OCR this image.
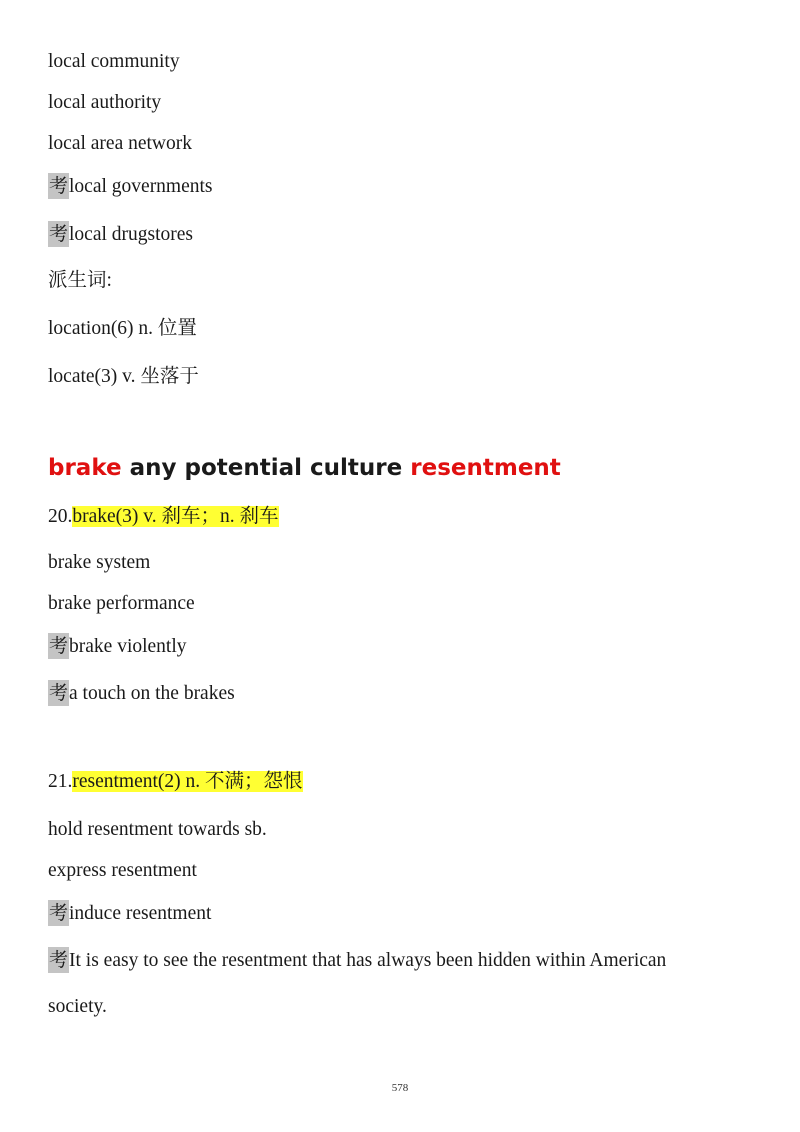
local community
local authority
local area network
考local governments
考local drugstores
派生词:
location(6) n. 位置
locate(3) v. 坐落于
brake any potential culture resentment
20.brake(3) v. 刹车；n. 刹车
brake system
brake performance
考brake violently
考a touch on the brakes
21.resentment(2) n. 不满；怨恨
hold resentment towards sb.
express resentment
考induce resentment
考It is easy to see the resentment that has always been hidden within American
society.
578
